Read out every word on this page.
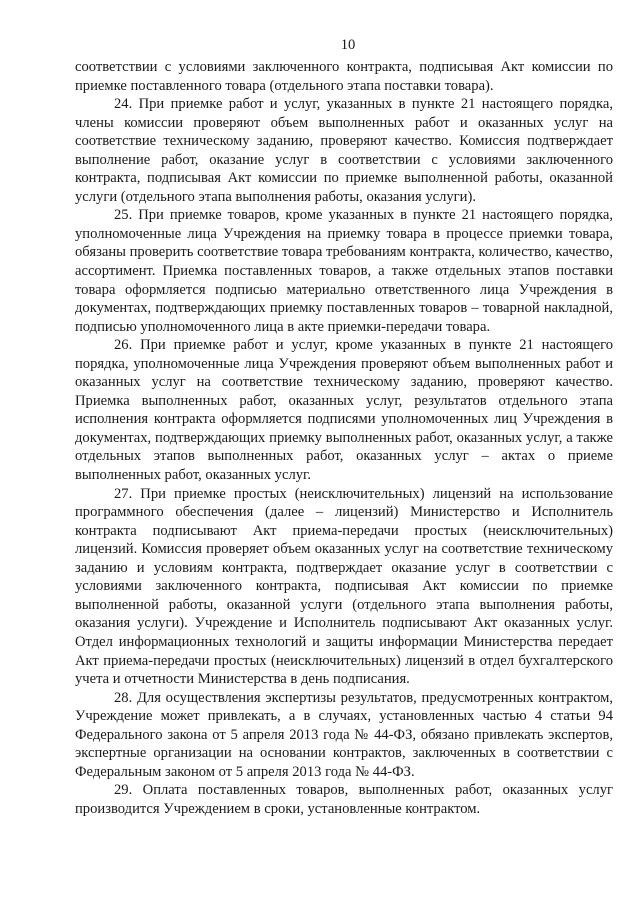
10

соответствии с условиями заключенного контракта, подписывая Акт комиссии по приемке поставленного товара (отдельного этапа поставки товара).

24. При приемке работ и услуг, указанных в пункте 21 настоящего порядка, члены комиссии проверяют объем выполненных работ и оказанных услуг на соответствие техническому заданию, проверяют качество. Комиссия подтверждает выполнение работ, оказание услуг в соответствии с условиями заключенного контракта, подписывая Акт комиссии по приемке выполненной работы, оказанной услуги (отдельного этапа выполнения работы, оказания услуги).

25. При приемке товаров, кроме указанных в пункте 21 настоящего порядка, уполномоченные лица Учреждения на приемку товара в процессе приемки товара, обязаны проверить соответствие товара требованиям контракта, количество, качество, ассортимент. Приемка поставленных товаров, а также отдельных этапов поставки товара оформляется подписью материально ответственного лица Учреждения в документах, подтверждающих приемку поставленных товаров – товарной накладной, подписью уполномоченного лица в акте приемки-передачи товара.

26. При приемке работ и услуг, кроме указанных в пункте 21 настоящего порядка, уполномоченные лица Учреждения проверяют объем выполненных работ и оказанных услуг на соответствие техническому заданию, проверяют качество. Приемка выполненных работ, оказанных услуг, результатов отдельного этапа исполнения контракта оформляется подписями уполномоченных лиц Учреждения в документах, подтверждающих приемку выполненных работ, оказанных услуг, а также отдельных этапов выполненных работ, оказанных услуг – актах о приеме выполненных работ, оказанных услуг.

27. При приемке простых (неисключительных) лицензий на использование программного обеспечения (далее – лицензий) Министерство и Исполнитель контракта подписывают Акт приема-передачи простых (неисключительных) лицензий. Комиссия проверяет объем оказанных услуг на соответствие техническому заданию и условиям контракта, подтверждает оказание услуг в соответствии с условиями заключенного контракта, подписывая Акт комиссии по приемке выполненной работы, оказанной услуги (отдельного этапа выполнения работы, оказания услуги). Учреждение и Исполнитель подписывают Акт оказанных услуг. Отдел информационных технологий и защиты информации Министерства передает Акт приема-передачи простых (неисключительных) лицензий в отдел бухгалтерского учета и отчетности Министерства в день подписания.

28. Для осуществления экспертизы результатов, предусмотренных контрактом, Учреждение может привлекать, а в случаях, установленных частью 4 статьи 94 Федерального закона от 5 апреля 2013 года № 44-ФЗ, обязано привлекать экспертов, экспертные организации на основании контрактов, заключенных в соответствии с Федеральным законом от 5 апреля 2013 года № 44-ФЗ.

29. Оплата поставленных товаров, выполненных работ, оказанных услуг производится Учреждением в сроки, установленные контрактом.
